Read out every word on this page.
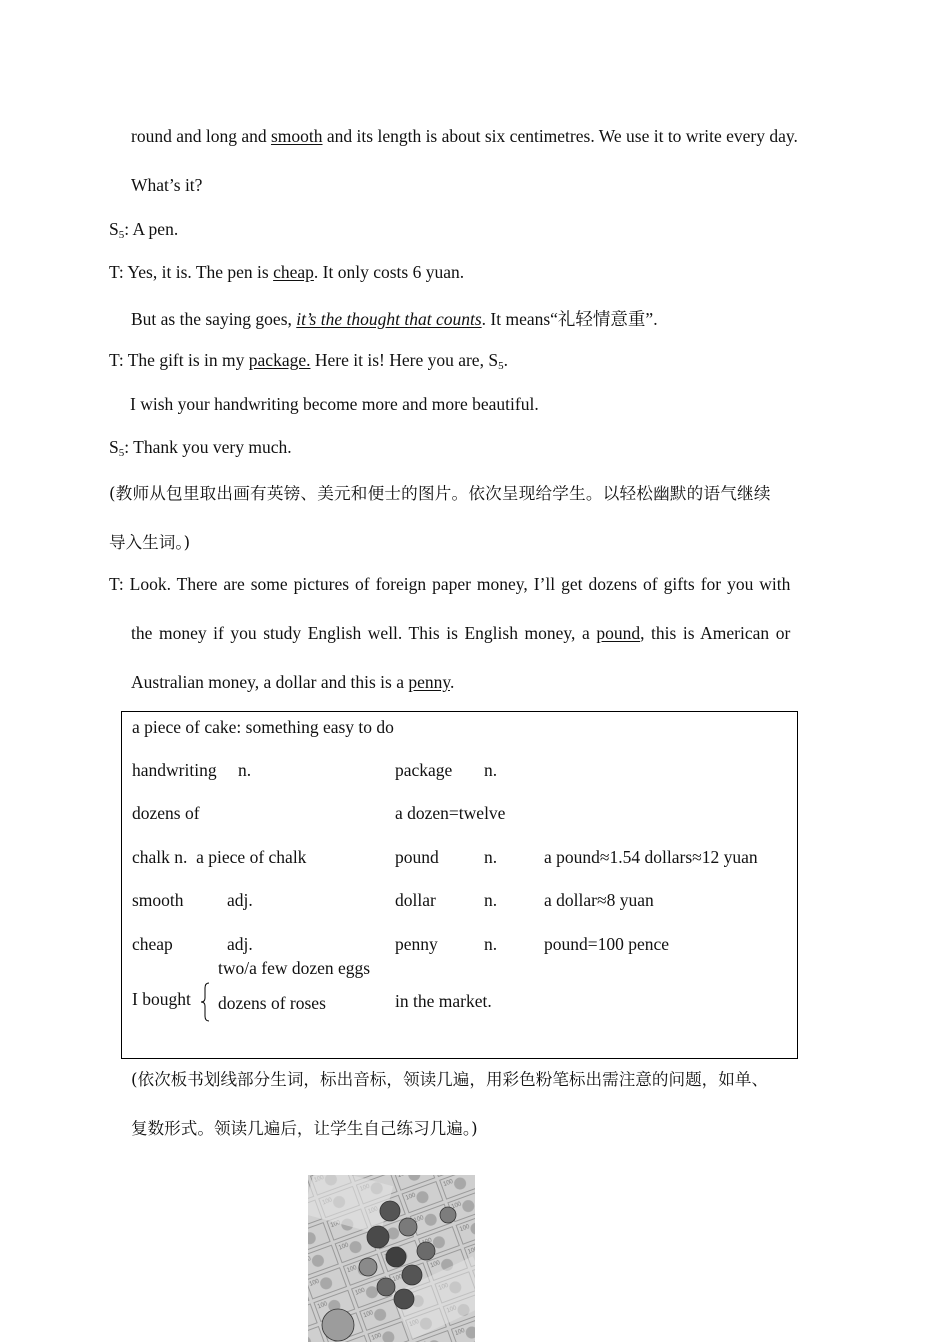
round and long and smooth and its length is about six centimetres. We use it to write every day.
What’s it?
$S_5$: A pen.
T: Yes, it is. The pen is cheap. It only costs 6 yuan.
But as the saying goes, it’s the thought that counts. It means“礼轻情意重”.
T: The gift is in my package. Here it is! Here you are, $S_5$.
I wish your handwriting become more and more beautiful.
$S_5$: Thank you very much.
(教师从包里取出画有英镑、美元和便士的图片。依次呈现给学生。以轻松幽默的语气继续
导入生词。)
T: Look. There are some pictures of foreign paper money, I’ll get dozens of gifts for you with
the money if you study English well. This is English money, a pound, this is American or
Australian money, a dollar and this is a penny.
a piece of cake: something easy to do
handwriting n.	package n.
dozens of	a dozen=twelve
chalk n.  a piece of chalk	pound	n.	a pound≈1.54 dollars≈12 yuan
smooth adj.	dollar	n.	a dollar≈8 yuan
cheap	adj.	penny	n.	pound=100 pence
two/a few dozen eggs
I bought dozens of roses	in the market.
(依次板书划线部分生词，标出音标，领读几遍，用彩色粉笔标出需注意的问题，如单、
复数形式。领读几遍后，让学生自己练习几遍。)
